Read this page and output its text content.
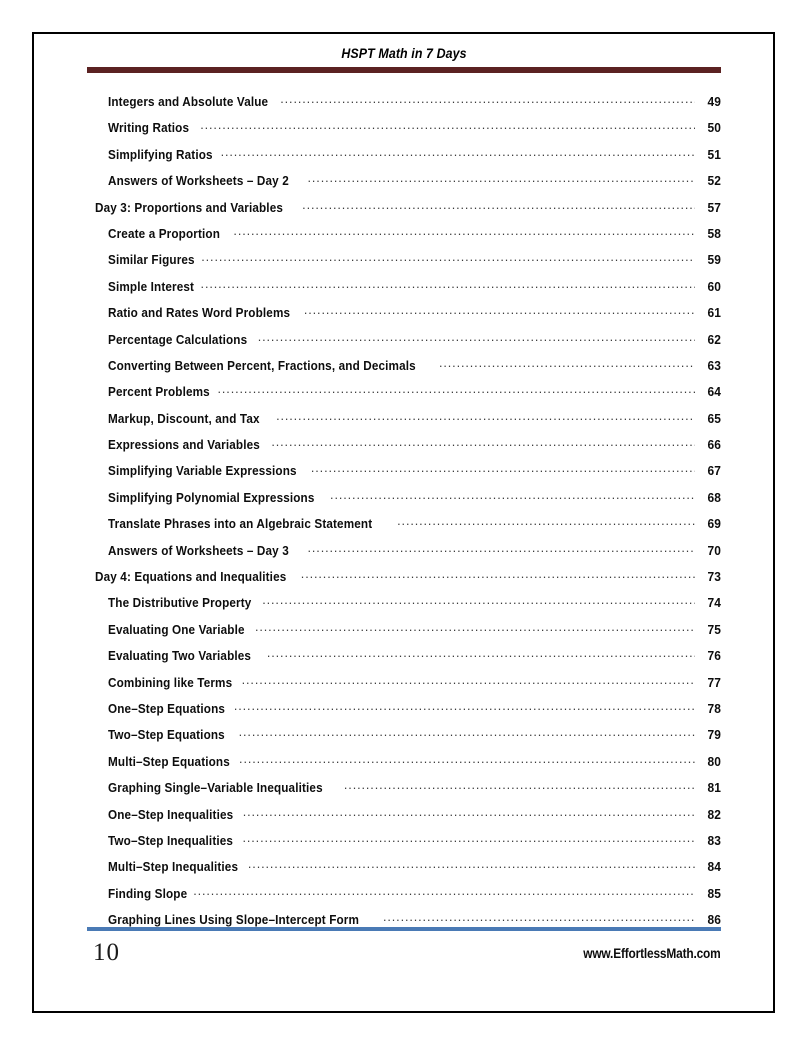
HSPT Math in 7 Days
Integers and Absolute Value .....	49
Writing Ratios .....	50
Simplifying Ratios .....	51
Answers of Worksheets – Day 2 .....	52
Day 3: Proportions and Variables .....	57
Create a Proportion .....	58
Similar Figures .....	59
Simple Interest .....	60
Ratio and Rates Word Problems .....	61
Percentage Calculations .....	62
Converting Between Percent, Fractions, and Decimals .....	63
Percent Problems .....	64
Markup, Discount, and Tax .....	65
Expressions and Variables .....	66
Simplifying Variable Expressions .....	67
Simplifying Polynomial Expressions .....	68
Translate Phrases into an Algebraic Statement .....	69
Answers of Worksheets – Day 3 .....	70
Day 4: Equations and Inequalities .....	73
The Distributive Property .....	74
Evaluating One Variable .....	75
Evaluating Two Variables .....	76
Combining like Terms .....	77
One–Step Equations .....	78
Two–Step Equations .....	79
Multi–Step Equations .....	80
Graphing Single–Variable Inequalities .....	81
One–Step Inequalities .....	82
Two–Step Inequalities .....	83
Multi–Step Inequalities .....	84
Finding Slope .....	85
Graphing Lines Using Slope–Intercept Form .....	86
10	www.EffortlessMath.com
